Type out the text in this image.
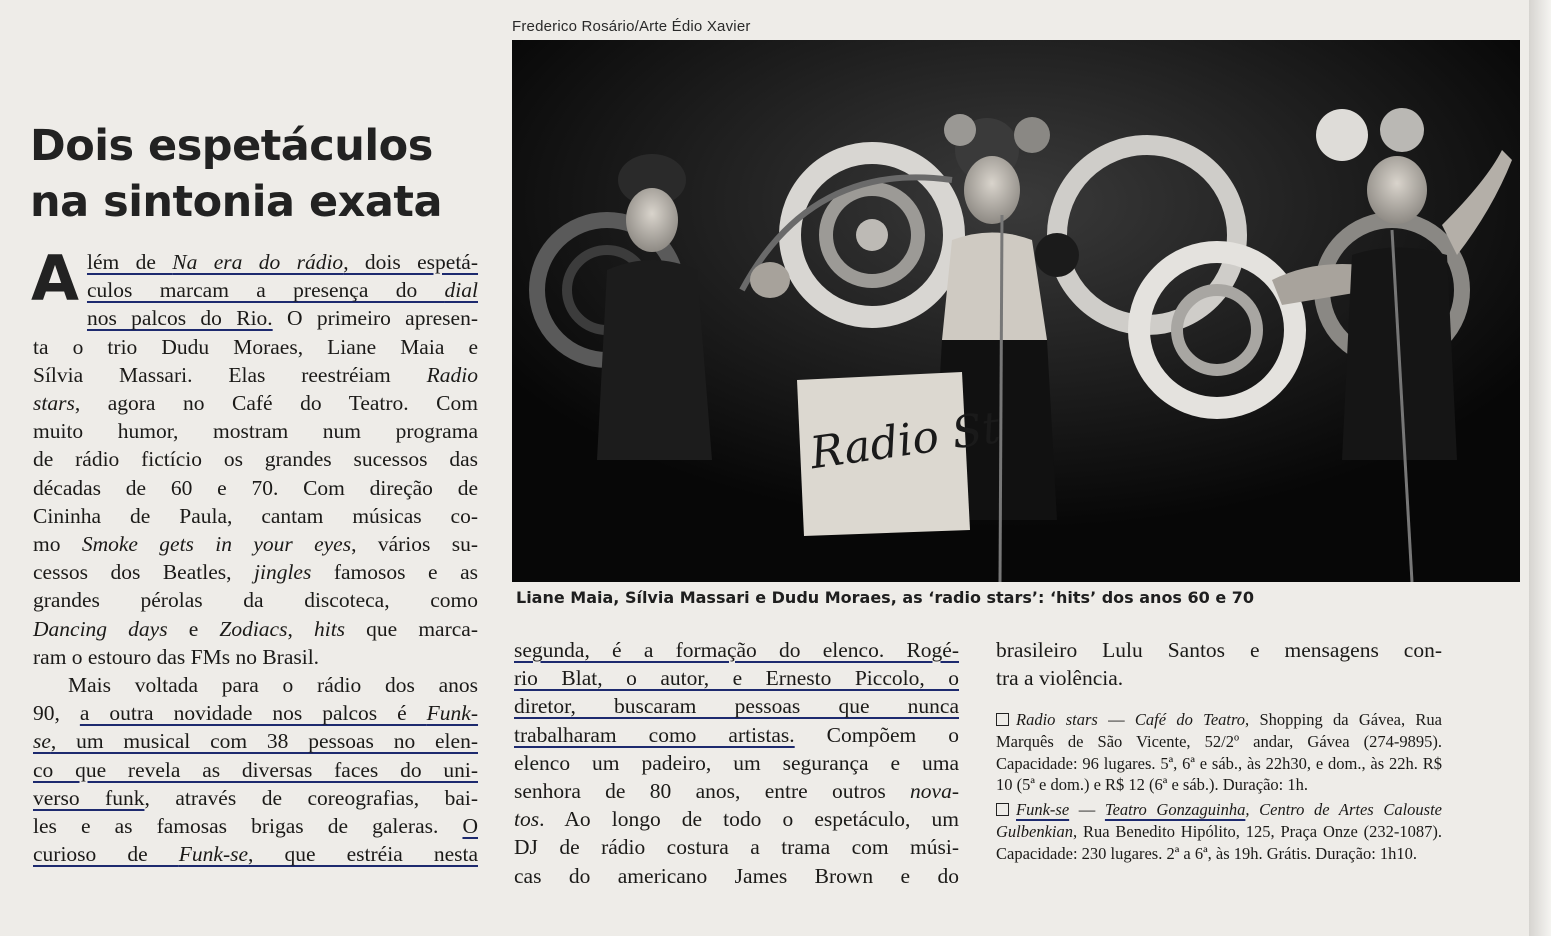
Frederico Rosário/Arte Édio Xavier
Dois espetáculos
na sintonia exata
A lém de Na era do rádio, dois espetá-
culos marcam a presença do dial
nos palcos do Rio. O primeiro apresen-
ta o trio Dudu Moraes, Liane Maia e
Sílvia Massari. Elas reestréiam Radio
stars, agora no Café do Teatro. Com
muito humor, mostram num programa
de rádio fictício os grandes sucessos das
décadas de 60 e 70. Com direção de
Cininha de Paula, cantam músicas co-
mo Smoke gets in your eyes, vários su-
cessos dos Beatles, jingles famosos e as
grandes pérolas da discoteca, como
Dancing days e Zodiacs, hits que marca-
ram o estouro das FMs no Brasil.
Mais voltada para o rádio dos anos
90, a outra novidade nos palcos é Funk-
se, um musical com 38 pessoas no elen-
co que revela as diversas faces do uni-
verso funk, através de coreografias, bai-
les e as famosas brigas de galeras. O
curioso de Funk-se, que estréia nesta
Radio St
Liane Maia, Sílvia Massari e Dudu Moraes, as ‘radio stars’: ‘hits’ dos anos 60 e 70
segunda, é a formação do elenco. Rogé-
rio Blat, o autor, e Ernesto Piccolo, o
diretor, buscaram pessoas que nunca
trabalharam como artistas. Compõem o
elenco um padeiro, um segurança e uma
senhora de 80 anos, entre outros nova-
tos. Ao longo de todo o espetáculo, um
DJ de rádio costura a trama com músi-
cas do americano James Brown e do
brasileiro Lulu Santos e mensagens con-
tra a violência.

Radio stars — Café do Teatro, Shopping da Gávea, Rua Marquês de São Vicente, 52/2º andar, Gávea (274-9895). Capacidade: 96 lugares. 5ª, 6ª e sáb., às 22h30, e dom., às 22h. R$ 10 (5ª e dom.) e R$ 12 (6ª e sáb.). Duração: 1h.

Funk-se — Teatro Gonzaguinha, Centro de Artes Calouste Gulbenkian, Rua Benedito Hipólito, 125, Praça Onze (232-1087). Capacidade: 230 lugares. 2ª a 6ª, às 19h. Grátis. Duração: 1h10.
